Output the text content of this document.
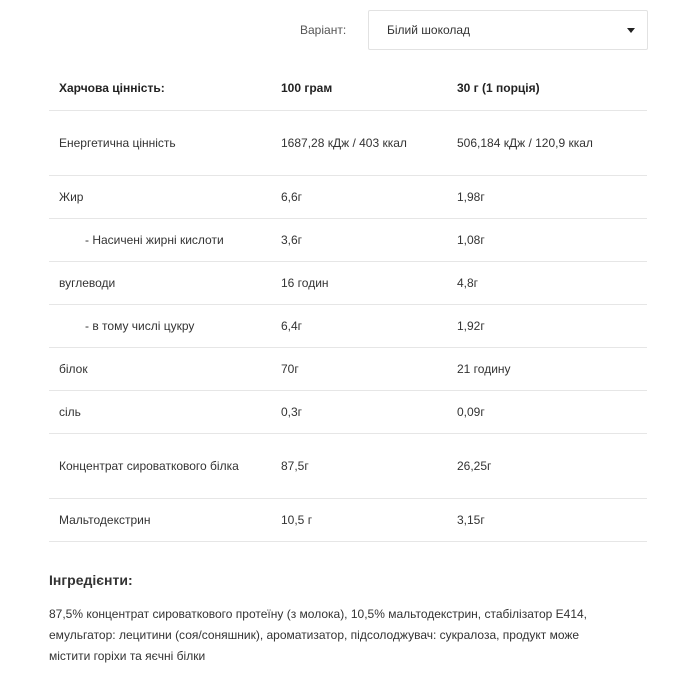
Варіант:	Білий шоколад
Харчова цінність:	100 грам	30 г (1 порція)
Енергетична цінність	1687,28 кДж / 403 ккал	506,184 кДж / 120,9 ккал
Жир	6,6г	1,98г
- Насичені жирні кислоти	3,6г	1,08г
вуглеводи	16 годин	4,8г
- в тому числі цукру	6,4г	1,92г
білок	70г	21 годину
сіль	0,3г	0,09г
Концентрат сироваткового білка	87,5г	26,25г
Мальтодекстрин	10,5 г	3,15г
Інгредієнти:
87,5% концентрат сироваткового протеїну (з молока), 10,5% мальтодекстрин, стабілізатор E414, емульгатор: лецитини (соя/соняшник), ароматизатор, підсолоджувач: сукралоза, продукт може містити горіхи та яєчні білки
